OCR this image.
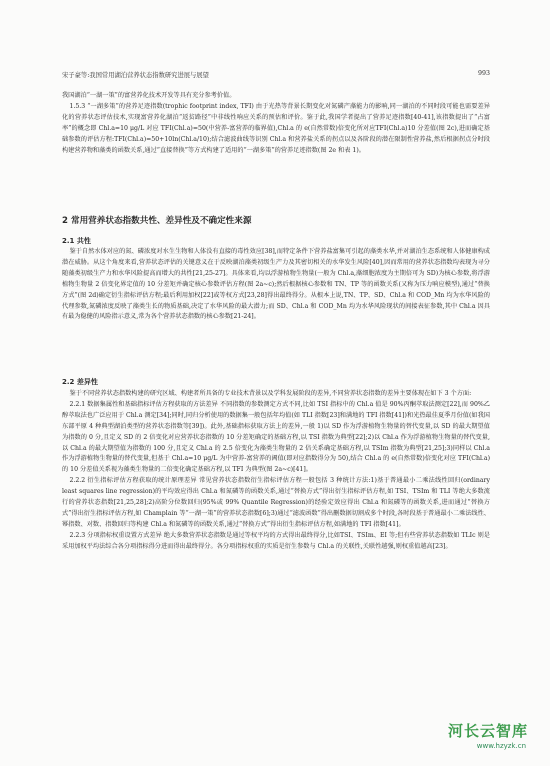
宋子豪等:我国常用湖泊营养状态指数研究进展与展望	993

我国湖泊“一湖一策”的富营养化技术开发等具有充分参考价值。

1.5.3 “一湖多策”的营养足迹指数(trophic footprint index, TFI) 由于光热等背景长期变化对氮磷产藻能力的影响,同一湖泊的不同时段可能也需要差异化的营养状态评估技术,实现富营养化湖泊“返贫路径”中非线性响应关系的预估和评价。鉴于此,我国学者提出了营养足迹指数[40-41],该指数提出了“占富率”的概念即 Chl.a=10 μg/L 对应 TFI(Chl.a)=50(中营养-富营养的临界值),Chl.a 的 e(自然常数)倍变化所对应TFI(Chl.a)10 分差值(图 2c),进而确定基础参数的评估方程:TFI(Chl.a)=50+10ln(Chl.a/10);结合滤波曲线等识别 Chl.a 和营养盐关系的拐点以及各阶段的潜在限制性营养盐,然后根据拐点分时段构建营养物和藻类的函数关系,通过“直接替换”等方式构建了适用的“一湖多策”的营养足迹指数(图 2e 和表 1)。

2 常用营养状态指数共性、差异性及不确定性来源
2.1 共性

鉴于自然水体对应的氮、磷浓度对水生生物和人体没有直接的毒性效应[38],而特定条件下营养盐富集可引起的藻类水华,并对湖泊生态系统和人体健康构成潜在威胁。从这个角度来看,营养状态评估的关键意义在于反映湖泊藻类初级生产力及其密切相关的水华发生风险[40],因而常用的营养状态指数均表现为寻分随藻类初级生产力和水华风险提高而增大的共性[21,25-27]。具体来看,均以浮游植物生物量(一般为 Chl.a,藻细胞浓度为主期倍可为 SD)为核心参数,将浮游植物生物量 2 倍变化界定值的 10 分差矩并确定核心参数评估方程(图 2a~c);然后根据核心参数和 TN、TP 等的函数关系(又称为压力响应模型),通过“替换方式”(图 2d)确定衍生指标评估方程;最后利用加权[22]或等权方式[23,28]得出最终得分。从根本上说,TN、TP、SD、Chl.a 和 COD_Mn 均为水华风险的代理参数,氮磷浓度反映了藻类生长的物质基础,决定了水华风险的最大潜力;而 SD、Chl.a 和 COD_Mn 均为水华风险现状的间接表征参数,其中 Chl.a 因具有最为稳健的风险指示意义,常为各个营养状态指数的核心参数[21-24]。

2.2 差异性

鉴于不同营养状态指数构建的研究区域、构建者所具备的专业技术背景以及学科发展阶段的差异,不同营养状态指数的差异主要体现在如下 3 个方面:

2.2.1 数据集属性和基础指标评估方程获取的方法差异 不同指数的参数测定方式不同,比如 TSI 指标中的 Chl.a 值是 90%丙酮萃取法测定[22],而 90%乙醇萃取法也广泛应用于 Chl.a 测定[34];同时,同归分析使用的数据集一般包括年均值(如 TLI 指数[23]和满地的 TFI 指数[41])和光热最佳夏季月份值(如我国东部平原 4 种典型湖泊类型的营养状态指数等[39])。此外,基础指标获取方法上的差异,一般 1)以 SD 作为浮游植物生物量的替代变量,以 SD 的最大期望值为指数的 0 分,且定义 SD 的 2 倍变化对应营养状态指数的 10 分差矩确定的基础方程,以 TSI 指数为典型[22];2)以 Chl.a 作为浮游植物生物量的替代变量,以 Chl.a 的最大期望值为指数的 100 分,且定义 Chl.a 的 2.5 倍变化为藻类生物量的 2 倍关系确定基础方程,以 TSIm 指数为典型[21,25];3)同样以 Chl.a 作为浮游植物生物量的替代变量,但基于 Chl.a=10 μg/L 为中营养-富营养的阈值(即对应指数得分为 50),结合 Chl.a 的 e(自然常数)倍变化对应 TFI(Chl.a)的 10 分差值关系视为藻类生物量的二倍变化确定基础方程,以 TFI 为典型(图 2a~c)[41]。

2.2.2 衍生指标评估方程获取的统计原理差异 常见营养状态指数衍生指标评估方程一般包括 3 种统计方法:1)基于普通最小二乘法线性回归(ordinary least squares line regression)的平均效应得出 Chl.a 和氮磷等的函数关系,通过“替换方式”得出衍生指标评估方程,如 TSI、TSIm 和 TLI 等绝大多数流行的营养状态指数[21,25,28];2)高阶分位数回归(95%或 99% Quantile Regression)的经验定效应得出 Chl.a 和氮磷等的函数关系,进而通过“替换方式”得出衍生指标评估方程,如 Champlain 等“一湖一策”的营养状态指数[6];3)通过“滤波函数”得出删数据切割成多个时段,各时段基于普通最小二乘法线性、幂指数、对数、指数回归等构建 Chl.a 和氮磷等的函数关系,通过“替换方式”得出衍生指标评估方程,如满地的 TFI 指数[41]。

2.2.3 分项指标权重设置方式差异 绝大多数营养状态指数是通过等权平均的方式得出最终得分,比如TSI、TSIm、EI 等;但有些营养状态指数如 TLIc 则是采用加权平均法综合各分项指标得分进而得出最终得分。各分项指标权重的实质是衍生参数与 Chl.a 的关联性,关联性越强,则权重值越高[23]。

河长云智库
www.hzyzk.cn
